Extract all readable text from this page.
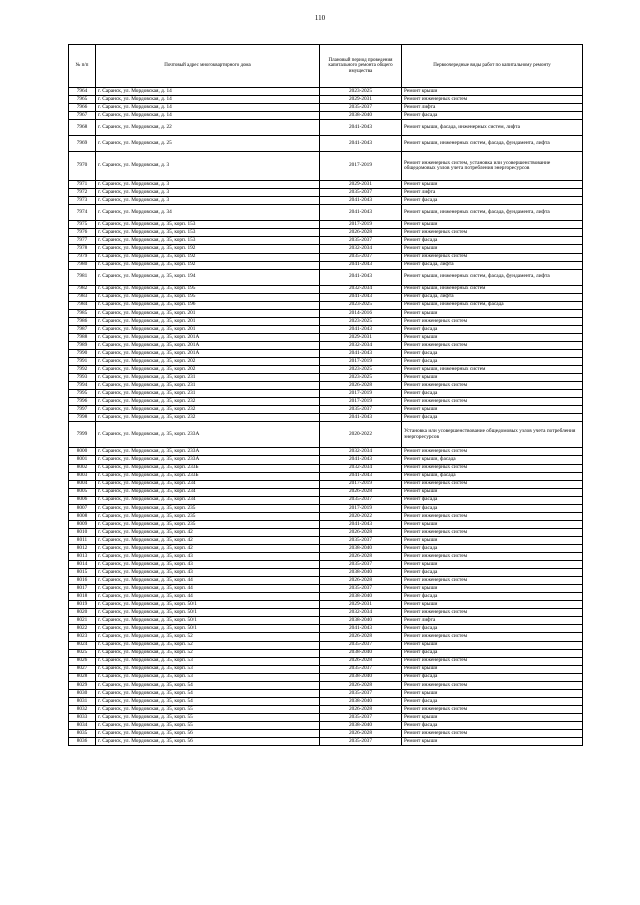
110
№ п/п	Почтовый адрес многоквартирного дома	Плановый период проведения капитального ремонта общего имущества	Первоочередные виды работ по капитальному ремонту
7964	г. Саранск, ул. Мордовская, д. 14	2023-2025	Ремонт крыши
7965	г. Саранск, ул. Мордовская, д. 14	2029-2031	Ремонт инженерных систем
7966	г. Саранск, ул. Мордовская, д. 14	2035-2037	Ремонт лифта
7967	г. Саранск, ул. Мордовская, д. 14	2038-2040	Ремонт фасада
7968	г. Саранск, ул. Мордовская, д. 22	2041-2043	Ремонт крыши, фасада, инженерных систем, лифта
7969	г. Саранск, ул. Мордовская, д. 25	2041-2043	Ремонт крыши, инженерных систем, фасада, фундамента, лифта
7970	г. Саранск, ул. Мордовская, д. 3	2017-2019	Ремонт инженерных систем, установка или усовершенствование общедомовых узлов учета потребления энергоресурсов
7971	г. Саранск, ул. Мордовская, д. 3	2029-2031	Ремонт крыши
7972	г. Саранск, ул. Мордовская, д. 3	2035-2037	Ремонт лифта
7973	г. Саранск, ул. Мордовская, д. 3	2041-2043	Ремонт фасада
7974	г. Саранск, ул. Мордовская, д. 34	2041-2043	Ремонт крыши, инженерных систем, фасада, фундамента, лифта
7975	г. Саранск, ул. Мордовская, д. 35, корп. 153	2017-2019	Ремонт крыши
7976	г. Саранск, ул. Мордовская, д. 35, корп. 153	2026-2028	Ремонт инженерных систем
7977	г. Саранск, ул. Мордовская, д. 35, корп. 153	2035-2037	Ремонт фасада
7978	г. Саранск, ул. Мордовская, д. 35, корп. 192	2032-2034	Ремонт крыши
7979	г. Саранск, ул. Мордовская, д. 35, корп. 192	2035-2037	Ремонт инженерных систем
7980	г. Саранск, ул. Мордовская, д. 35, корп. 192	2041-2043	Ремонт фасада, лифта
7981	г. Саранск, ул. Мордовская, д. 35, корп. 194	2041-2043	Ремонт крыши, инженерных систем, фасада, фундамента, лифта
7982	г. Саранск, ул. Мордовская, д. 35, корп. 195	2032-2034	Ремонт крыши, инженерных систем
7983	г. Саранск, ул. Мордовская, д. 35, корп. 195	2041-2043	Ремонт фасада, лифта
7984	г. Саранск, ул. Мордовская, д. 35, корп. 196	2023-2025	Ремонт крыши, инженерных систем, фасада
7985	г. Саранск, ул. Мордовская, д. 35, корп. 201	2014-2016	Ремонт крыши
7986	г. Саранск, ул. Мордовская, д. 35, корп. 201	2023-2025	Ремонт инженерных систем
7987	г. Саранск, ул. Мордовская, д. 35, корп. 201	2041-2043	Ремонт фасада
7988	г. Саранск, ул. Мордовская, д. 35, корп. 201А	2029-2031	Ремонт крыши
7989	г. Саранск, ул. Мордовская, д. 35, корп. 201А	2032-2034	Ремонт инженерных систем
7990	г. Саранск, ул. Мордовская, д. 35, корп. 201А	2041-2043	Ремонт фасада
7991	г. Саранск, ул. Мордовская, д. 35, корп. 202	2017-2019	Ремонт фасада
7992	г. Саранск, ул. Мордовская, д. 35, корп. 202	2023-2025	Ремонт крыши, инженерных систем
7993	г. Саранск, ул. Мордовская, д. 35, корп. 231	2023-2025	Ремонт крыши
7994	г. Саранск, ул. Мордовская, д. 35, корп. 231	2026-2028	Ремонт инженерных систем
7995	г. Саранск, ул. Мордовская, д. 35, корп. 231	2017-2019	Ремонт фасада
7996	г. Саранск, ул. Мордовская, д. 35, корп. 232	2017-2019	Ремонт инженерных систем
7997	г. Саранск, ул. Мордовская, д. 35, корп. 232	2035-2037	Ремонт крыши
7998	г. Саранск, ул. Мордовская, д. 35, корп. 232	2041-2043	Ремонт фасада
7999	г. Саранск, ул. Мордовская, д. 35, корп. 233А	2020-2022	Установка или усовершенствование общедомовых узлов учета потребления энергоресурсов
8000	г. Саранск, ул. Мордовская, д. 35, корп. 233А	2032-2034	Ремонт инженерных систем
8001	г. Саранск, ул. Мордовская, д. 35, корп. 233А	2041-2043	Ремонт крыши, фасада
8002	г. Саранск, ул. Мордовская, д. 35, корп. 233Б	2032-2034	Ремонт инженерных систем
8003	г. Саранск, ул. Мордовская, д. 35, корп. 233Б	2041-2043	Ремонт крыши, фасада
8004	г. Саранск, ул. Мордовская, д. 35, корп. 234	2017-2019	Ремонт инженерных систем
8005	г. Саранск, ул. Мордовская, д. 35, корп. 234	2026-2028	Ремонт крыши
8006	г. Саранск, ул. Мордовская, д. 35, корп. 234	2035-2037	Ремонт фасада
8007	г. Саранск, ул. Мордовская, д. 35, корп. 235	2017-2019	Ремонт фасада
8008	г. Саранск, ул. Мордовская, д. 35, корп. 235	2020-2022	Ремонт инженерных систем
8009	г. Саранск, ул. Мордовская, д. 35, корп. 235	2041-2043	Ремонт крыши
8010	г. Саранск, ул. Мордовская, д. 35, корп. 42	2026-2028	Ремонт инженерных систем
8011	г. Саранск, ул. Мордовская, д. 35, корп. 42	2035-2037	Ремонт крыши
8012	г. Саранск, ул. Мордовская, д. 35, корп. 42	2038-2040	Ремонт фасада
8013	г. Саранск, ул. Мордовская, д. 35, корп. 43	2026-2028	Ремонт инженерных систем
8014	г. Саранск, ул. Мордовская, д. 35, корп. 43	2035-2037	Ремонт крыши
8015	г. Саранск, ул. Мордовская, д. 35, корп. 43	2038-2040	Ремонт фасада
8016	г. Саранск, ул. Мордовская, д. 35, корп. 44	2026-2028	Ремонт инженерных систем
8017	г. Саранск, ул. Мордовская, д. 35, корп. 44	2035-2037	Ремонт крыши
8018	г. Саранск, ул. Мордовская, д. 35, корп. 44	2038-2040	Ремонт фасада
8019	г. Саранск, ул. Мордовская, д. 35, корп. 50/1	2029-2031	Ремонт крыши
8020	г. Саранск, ул. Мордовская, д. 35, корп. 50/1	2032-2034	Ремонт инженерных систем
8021	г. Саранск, ул. Мордовская, д. 35, корп. 50/1	2038-2040	Ремонт лифта
8022	г. Саранск, ул. Мордовская, д. 35, корп. 50/1	2041-2043	Ремонт фасада
8023	г. Саранск, ул. Мордовская, д. 35, корп. 52	2026-2028	Ремонт инженерных систем
8024	г. Саранск, ул. Мордовская, д. 35, корп. 52	2035-2037	Ремонт крыши
8025	г. Саранск, ул. Мордовская, д. 35, корп. 52	2038-2040	Ремонт фасада
8026	г. Саранск, ул. Мордовская, д. 35, корп. 53	2026-2028	Ремонт инженерных систем
8027	г. Саранск, ул. Мордовская, д. 35, корп. 53	2035-2037	Ремонт крыши
8028	г. Саранск, ул. Мордовская, д. 35, корп. 53	2038-2040	Ремонт фасада
8029	г. Саранск, ул. Мордовская, д. 35, корп. 54	2026-2028	Ремонт инженерных систем
8030	г. Саранск, ул. Мордовская, д. 35, корп. 54	2035-2037	Ремонт крыши
8031	г. Саранск, ул. Мордовская, д. 35, корп. 54	2038-2040	Ремонт фасада
8032	г. Саранск, ул. Мордовская, д. 35, корп. 55	2026-2028	Ремонт инженерных систем
8033	г. Саранск, ул. Мордовская, д. 35, корп. 55	2035-2037	Ремонт крыши
8034	г. Саранск, ул. Мордовская, д. 35, корп. 55	2038-2040	Ремонт фасада
8035	г. Саранск, ул. Мордовская, д. 35, корп. 56	2026-2028	Ремонт инженерных систем
8036	г. Саранск, ул. Мордовская, д. 35, корп. 56	2035-2037	Ремонт крыши
